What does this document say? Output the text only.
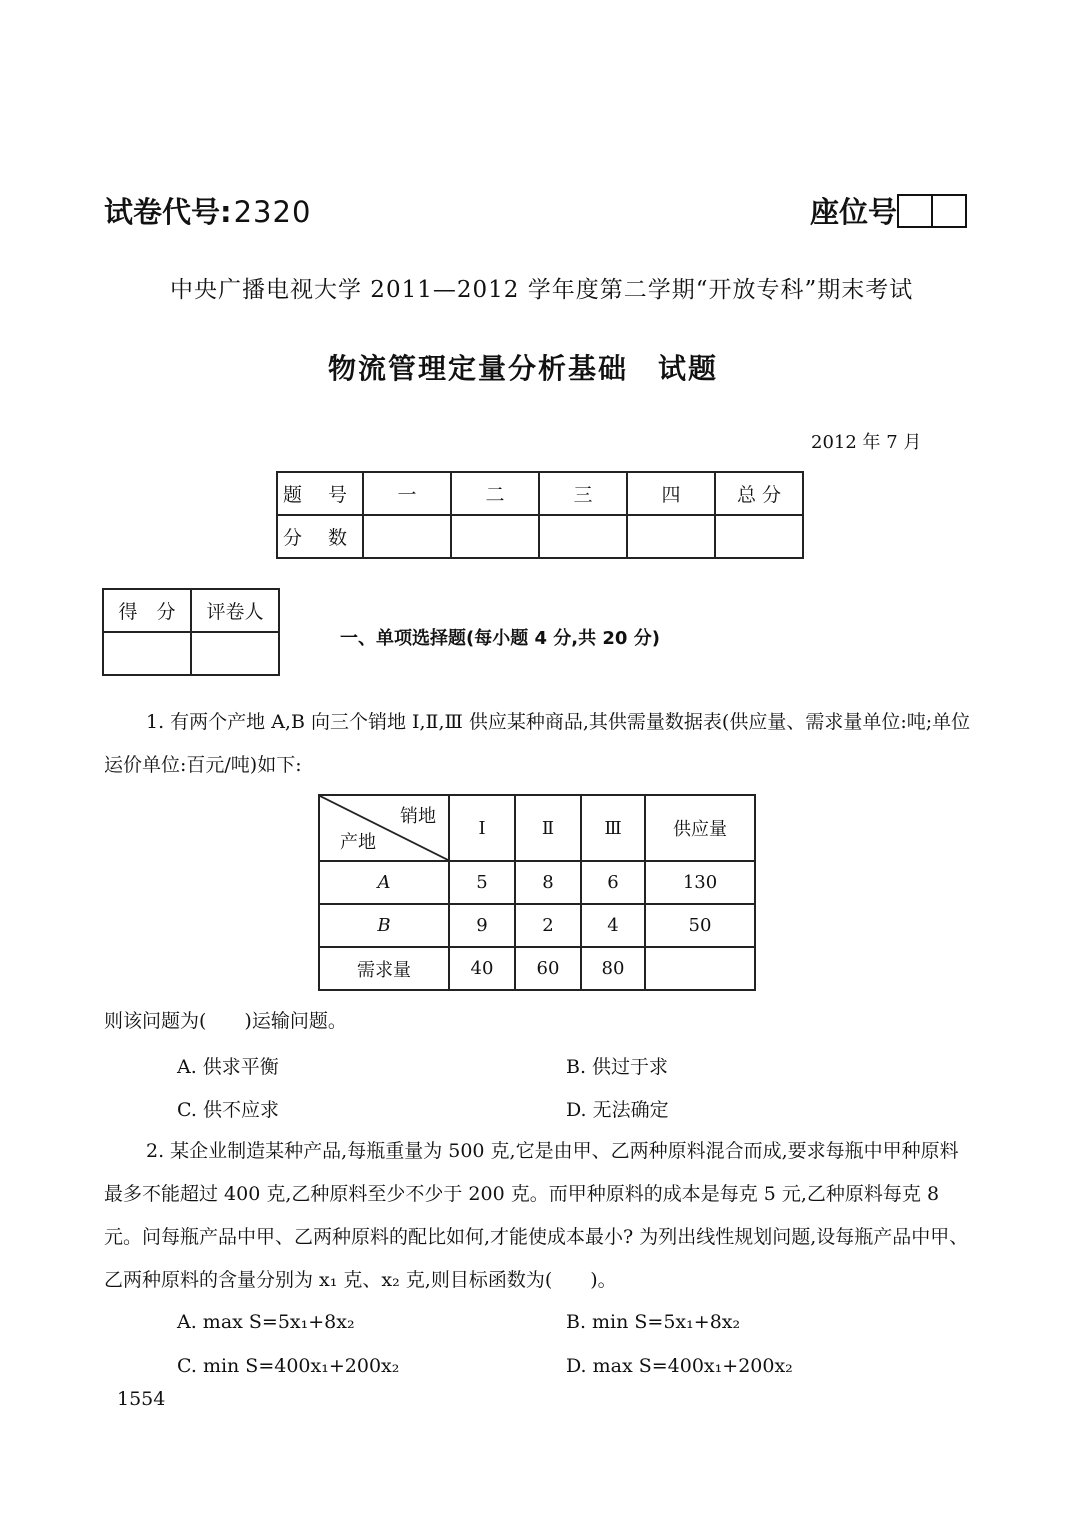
试卷代号:2320	座位号
中央广播电视大学 2011—2012 学年度第二学期“开放专科”期末考试
物流管理定量分析基础　试题
2012 年 7 月
题 号	一	二	三	四	总 分
分 数					
得　分	评卷人

一、单项选择题(每小题 4 分,共 20 分)
1. 有两个产地 A,B 向三个销地 Ⅰ,Ⅱ,Ⅲ 供应某种商品,其供需量数据表(供应量、需求量单位:吨;单位运价单位:百元/吨)如下:
销地
产地	Ⅰ	Ⅱ	Ⅲ	供应量
A	5	8	6	130
B	9	2	4	50
需求量	40	60	80	
则该问题为(　　)运输问题。
A. 供求平衡	B. 供过于求
C. 供不应求	D. 无法确定
2. 某企业制造某种产品,每瓶重量为 500 克,它是由甲、乙两种原料混合而成,要求每瓶中甲种原料最多不能超过 400 克,乙种原料至少不少于 200 克。而甲种原料的成本是每克 5 元,乙种原料每克 8 元。问每瓶产品中甲、乙两种原料的配比如何,才能使成本最小? 为列出线性规划问题,设每瓶产品中甲、乙两种原料的含量分别为 x₁ 克、x₂ 克,则目标函数为(　　)。
A. max S=5x₁+8x₂	B. min S=5x₁+8x₂
C. min S=400x₁+200x₂	D. max S=400x₁+200x₂
1554
